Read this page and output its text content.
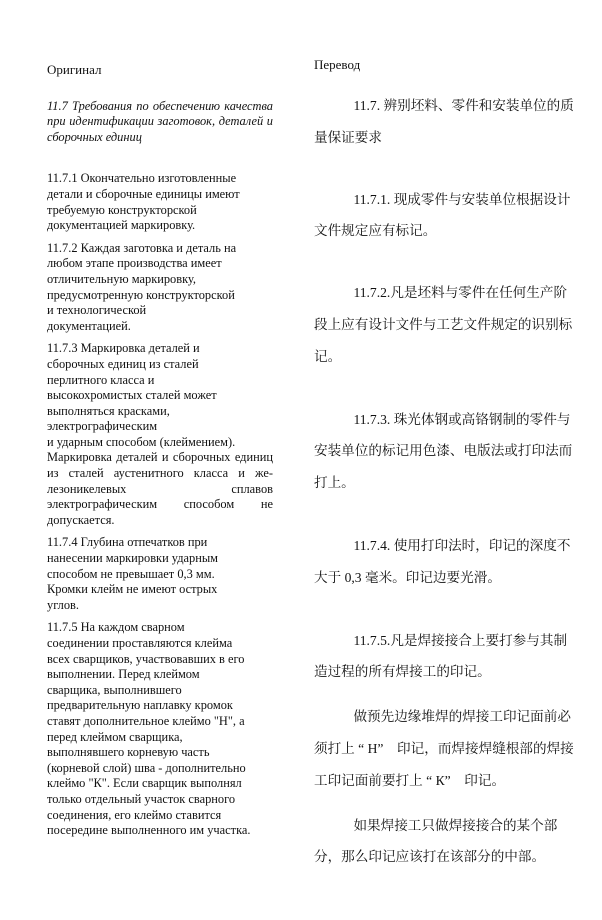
Оригинал

11.7 Требования по обеспечению качества при идентификации заготовок, деталей и сборочных единиц

11.7.1 Окончательно изготовленные
детали и сборочные единицы имеют
требуемую конструкторской
документацией маркировку.

11.7.2 Каждая заготовка и деталь на
любом этапе производства имеет
отличительную маркировку,
предусмотренную конструкторской
и технологической
документацией.

11.7.3 Маркировка деталей и
сборочных единиц из сталей
перлитного класса и
высокохромистых сталей может
выполняться красками,
электрографическим
и ударным способом (клеймением).

Маркировка деталей и сборочных единиц из сталей аустенитного класса и же-лезоникелевых сплавов электрографическим способом не допускается.

11.7.4 Глубина отпечатков при
нанесении маркировки ударным
способом не превышает 0,3 мм.
Кромки клейм не имеют острых
углов.

11.7.5 На каждом сварном
соединении проставляются клейма
всех сварщиков, участвовавших в его
выполнении. Перед клеймом
сварщика, выполнившего
предварительную наплавку кромок
ставят дополнительное клеймо "Н", а
перед клеймом сварщика,
выполнявшего корневую часть
(корневой слой) шва - дополнительно
клеймо "К". Если сварщик выполнял
только отдельный участок сварного
соединения, его клеймо ставится
посередине выполненного им участка.

Перевод

11.7. 辨别坯料、零件和安装单位的质量保证要求

11.7.1. 现成零件与安装单位根据设计文件规定应有标记。

11.7.2.凡是坯料与零件在任何生产阶段上应有设计文件与工艺文件规定的识别标记。

11.7.3. 珠光体钢或高铬钢制的零件与安装单位的标记用色漆、电版法或打印法而打上。

11.7.4. 使用打印法时，印记的深度不大于 0,3 毫米。印记边要光滑。

11.7.5.凡是焊接接合上要打参与其制造过程的所有焊接工的印记。

做预先边缘堆焊的焊接工印记面前必须打上 “ Н”　印记，而焊接焊缝根部的焊接工印记面前要打上 “ К”　印记。

如果焊接工只做焊接接合的某个部分，那么印记应该打在该部分的中部。
